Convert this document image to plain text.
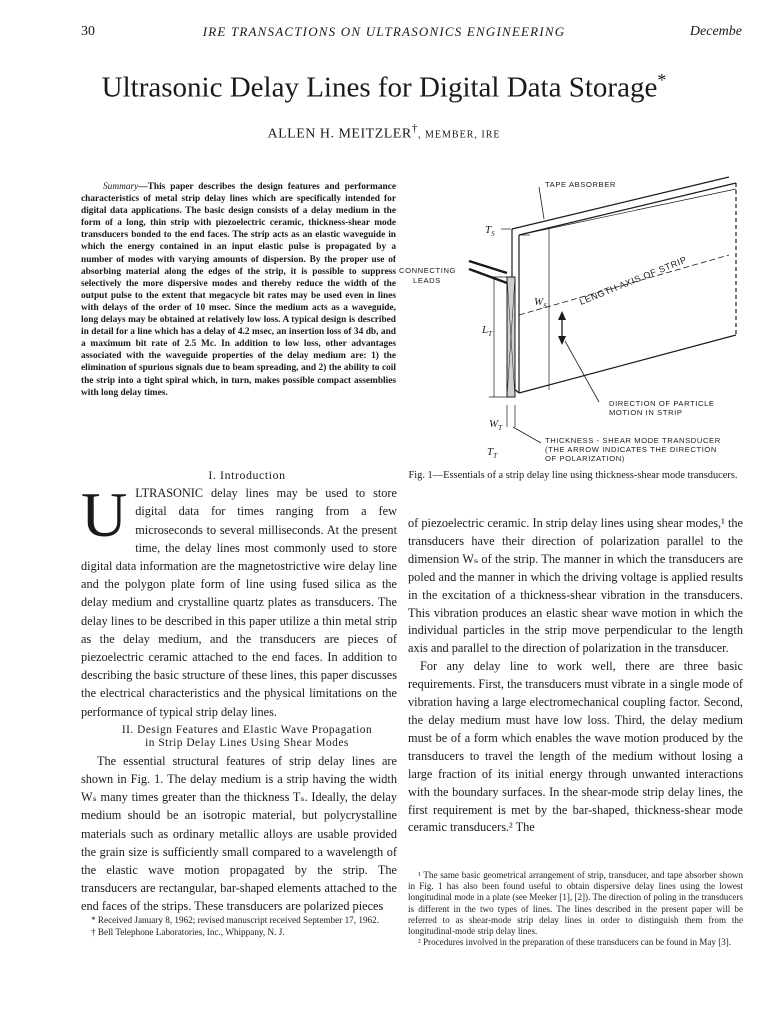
30	IRE TRANSACTIONS ON ULTRASONICS ENGINEERING	Decembe
Ultrasonic Delay Lines for Digital Data Storage*
ALLEN H. MEITZLER†, MEMBER, IRE
Summary—This paper describes the design features and performance characteristics of metal strip delay lines which are specifically intended for digital data applications. The basic design consists of a delay medium in the form of a long, thin strip with piezoelectric ceramic, thickness-shear mode transducers bonded to the end faces. The strip acts as an elastic waveguide in which the energy contained in an input elastic pulse is propagated by a number of modes with varying amounts of dispersion. By the proper use of absorbing material along the edges of the strip, it is possible to suppress selectively the more dispersive modes and thereby reduce the width of the output pulse to the extent that megacycle bit rates may be used even in lines with delays of the order of 10 msec. Since the medium acts as a waveguide, long delays may be obtained at relatively low loss. A typical design is described in detail for a line which has a delay of 4.2 msec, an insertion loss of 34 db, and a maximum bit rate of 2.5 Mc. In addition to low loss, other advantages associated with the waveguide properties of the delay medium are: 1) the elimination of spurious signals due to beam spreading, and 2) the ability to coil the strip into a tight spiral which, in turn, makes possible compact assemblies with long delay times.

I. Introduction

ULTRASONIC delay lines may be used to store digital data for times ranging from a few microseconds to several milliseconds. At the present time, the delay lines most commonly used to store digital data information are the magnetostrictive wire delay line and the polygon plate form of line using fused silica as the delay medium and crystalline quartz plates as transducers. The delay lines to be described in this paper utilize a thin metal strip as the delay medium, and the transducers are pieces of piezoelectric ceramic attached to the end faces. In addition to describing the basic structure of these lines, this paper discusses the electrical characteristics and the physical limitations on the performance of typical strip delay lines.

II. Design Features and Elastic Wave Propagation

in Strip Delay Lines Using Shear Modes

The essential structural features of strip delay lines are shown in Fig. 1. The delay medium is a strip having the width Wₛ many times greater than the thickness Tₛ. Ideally, the delay medium should be an isotropic material, but polycrystalline materials such as ordinary metallic alloys are usable provided the grain size is sufficiently small compared to a wavelength of the elastic wave motion propagated by the strip. The transducers are rectangular, bar-shaped elements attached to the end faces of the strips. These transducers are polarized pieces

* Received January 8, 1962; revised manuscript received September 17, 1962.

† Bell Telephone Laboratories, Inc., Whippany, N. J.

TAPE ABSORBER
CONNECTING
LEADS	LENGTH AXIS OF STRIP
DIRECTION OF PARTICLE
MOTION IN STRIP
THICKNESS - SHEAR MODE TRANSDUCER
(THE ARROW INDICATES THE DIRECTION
OF POLARIZATION)
$T_S$
$W_S$
$L_T$
$W_T$
$T_T$
Fig. 1—Essentials of a strip delay line using thickness-shear mode transducers.

of piezoelectric ceramic. In strip delay lines using shear modes,¹ the transducers have their direction of polarization parallel to the dimension Wₛ of the strip. The manner in which the transducers are poled and the manner in which the driving voltage is applied results in the excitation of a thickness-shear vibration in the transducers. This vibration produces an elastic shear wave motion in which the individual particles in the strip move perpendicular to the length axis and parallel to the direction of polarization in the transducer.

For any delay line to work well, there are three basic requirements. First, the transducers must vibrate in a single mode of vibration having a large electromechanical coupling factor. Second, the delay medium must have low loss. Third, the delay medium must be of a form which enables the wave motion produced by the transducers to travel the length of the medium without losing a large fraction of its initial energy through unwanted interactions with the boundary surfaces. In the shear-mode strip delay lines, the first requirement is met by the bar-shaped, thickness-shear mode ceramic transducers.² The

¹ The same basic geometrical arrangement of strip, transducer, and tape absorber shown in Fig. 1 has also been found useful to obtain dispersive delay lines using the lowest longitudinal mode in a plate (see Meeker [1], [2]). The direction of poling in the transducers is different in the two types of lines. The lines described in the present paper will be referred to as shear-mode strip delay lines in order to distinguish them from the longitudinal-mode strip delay lines.

² Procedures involved in the preparation of these transducers can be found in May [3].
